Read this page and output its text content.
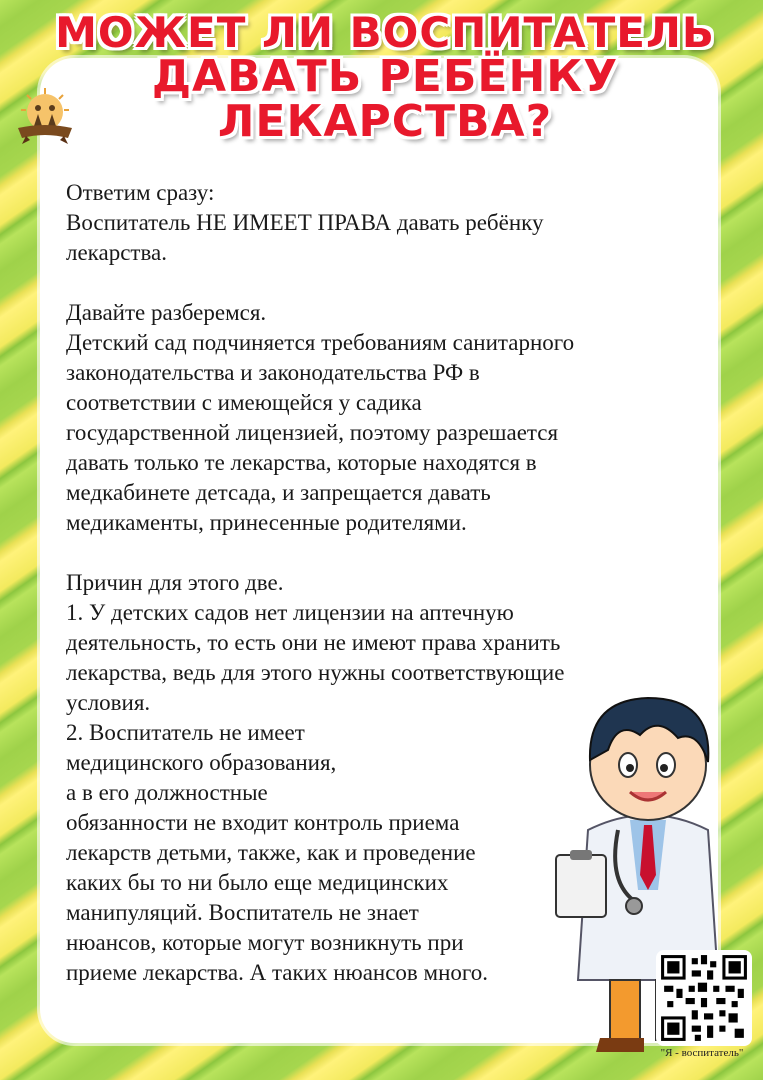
МОЖЕТ ЛИ ВОСПИТАТЕЛЬ
ДАВАТЬ РЕБЁНКУ
ЛЕКАРСТВА?

Ответим сразу:
Воспитатель НЕ ИМЕЕТ ПРАВА давать ребёнку
лекарства.

Давайте разберемся.
Детский сад подчиняется требованиям санитарного
законодательства и законодательства РФ в
соответствии с имеющейся у садика
государственной лицензией, поэтому разрешается
давать только те лекарства, которые находятся в
медкабинете детсада, и запрещается давать
медикаменты, принесенные родителями.

Причин для этого две.
1. У детских садов нет лицензии на аптечную
деятельность, то есть они не имеют права хранить
лекарства, ведь для этого нужны соответствующие
условия.
2. Воспитатель не имеет
медицинского образования,
а в его должностные
обязанности не входит контроль приема
лекарств детьми, также, как и проведение
каких бы то ни было еще медицинских
манипуляций. Воспитатель не знает
нюансов, которые могут возникнуть при
приеме лекарства. А таких нюансов много.

"Я - воспитатель"
